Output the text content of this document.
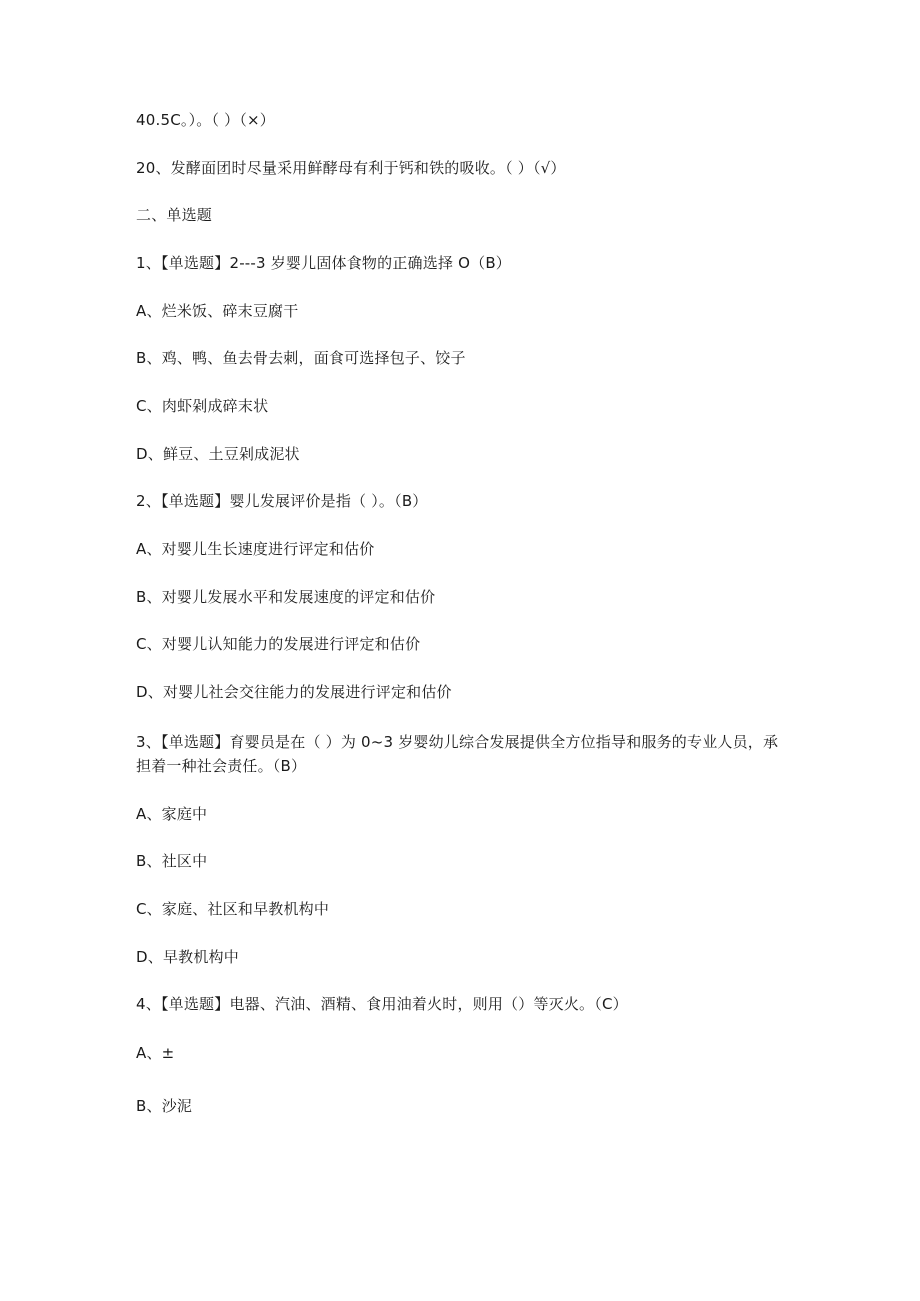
40.5C。）。（ ）（×）
20、发酵面团时尽量采用鲜酵母有利于钙和铁的吸收。（ ）（√）
二、单选题
1、【单选题】2---3 岁婴儿固体食物的正确选择 O（B）
A、烂米饭、碎末豆腐干
B、鸡、鸭、鱼去骨去刺，面食可选择包子、饺子
C、肉虾剁成碎末状
D、鲜豆、土豆剁成泥状
2、【单选题】婴儿发展评价是指（ ）。（B）
A、对婴儿生长速度进行评定和估价
B、对婴儿发展水平和发展速度的评定和估价
C、对婴儿认知能力的发展进行评定和估价
D、对婴儿社会交往能力的发展进行评定和估价
3、【单选题】育婴员是在（ ）为 0~3 岁婴幼儿综合发展提供全方位指导和服务的专业人员，承担着一种社会责任。（B）
A、家庭中
B、社区中
C、家庭、社区和早教机构中
D、早教机构中
4、【单选题】电器、汽油、酒精、食用油着火时，则用（）等灭火。（C）
A、±
B、沙泥
